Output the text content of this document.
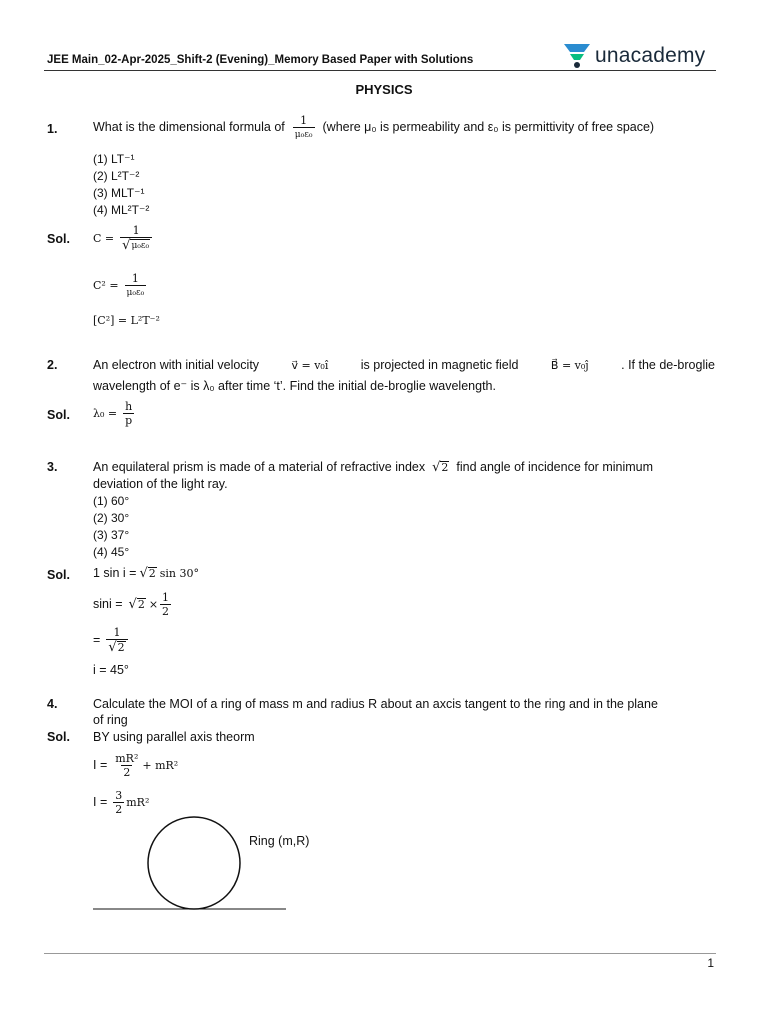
JEE Main_02-Apr-2025_Shift-2 (Evening)_Memory Based Paper with Solutions	unacademy
PHYSICS
1.	What is the dimensional formula of $\frac{1}{\text{μ₀ε₀}}$ (where μ₀ is permeability and ε₀ is permittivity of free space)
(1) LT⁻¹
(2) L²T⁻²
(3) MLT⁻¹
(4) ML²T⁻²
Sol. $C = \frac{1}{\text{√ μ₀ε₀}}$
$C^2 = \frac{1}{\text{μ₀ε₀}}$
[C²] = L²T⁻²
2.	An electron with initial velocity	v⃗ = v₀î	is projected in magnetic field	B⃗ = v₀ĵ	. If the de-broglie
wavelength of e⁻ is λ₀ after time ‘t’. Find the initial de-broglie wavelength.
Sol. $\lambda_0 = \frac{h}{p}$
3.	An equilateral prism is made of a material of refractive index √ 2 find angle of incidence for minimum
deviation of the light ray.
(1) 60°
(2) 30°
(3) 37°
(4) 45°
Sol. 1 sin i = √ 2 sin 30°
sini = √ $2 \times \frac{1}{2}$
= $\frac{1}{√ 2}$
i = 45°
4.	Calculate the MOI of a ring of mass m and radius R about an axcis tangent to the ring and in the plane
of ring
Sol. BY using parallel axis theorm
$I = \frac{\text{mR²}}{2} + mR^2$
$I = \frac{3}{2} mR^2$
Ring (m,R)
1
